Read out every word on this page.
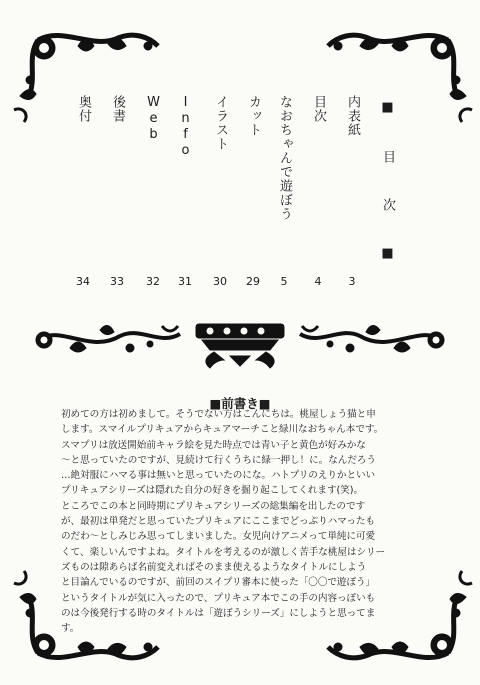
■ 目 次 ■
内表紙
目次
なおちゃんで遊ぼう
カット
イラスト
Info
Web
後書
奥付
3
4
5
29
30
31
32
33
34
■前書き■
初めての方は初めまして。そうでない方はこんにちは。桃屋しょう猫と申
します。スマイルプリキュアからキュアマーチこと緑川なおちゃん本です。
スマプリは放送開始前キャラ絵を見た時点では青い子と黄色が好みかな
〜と思っていたのですが、見続けて行くうちに緑一押し！に。なんだろう
…絶対服にハマる事は無いと思っていたのにな。ハトプリのえりかといい
プリキュアシリーズは隠れた自分の好きを掘り起こしてくれます(笑)。
ところでこの本と同時期にプリキュアシリーズの総集編を出したのです
が、最初は単発だと思っていたプリキュアにここまでどっぷりハマったも
のだわ〜としみじみ思ってしまいました。女児向けアニメって単純に可愛
くて、楽しいんですよね。タイトルを考えるのが激しく苦手な桃屋はシリー
ズものは隙あらば名前変えればそのまま使えるようなタイトルにしよう
と目論んでいるのですが、前回のスイプリ審本に使った「〇〇で遊ぼう」
というタイトルが気に入ったので、プリキュア本でこの手の内容っぽいも
のは今後発行する時のタイトルは「遊ぼうシリーズ」にしようと思ってま
す。
